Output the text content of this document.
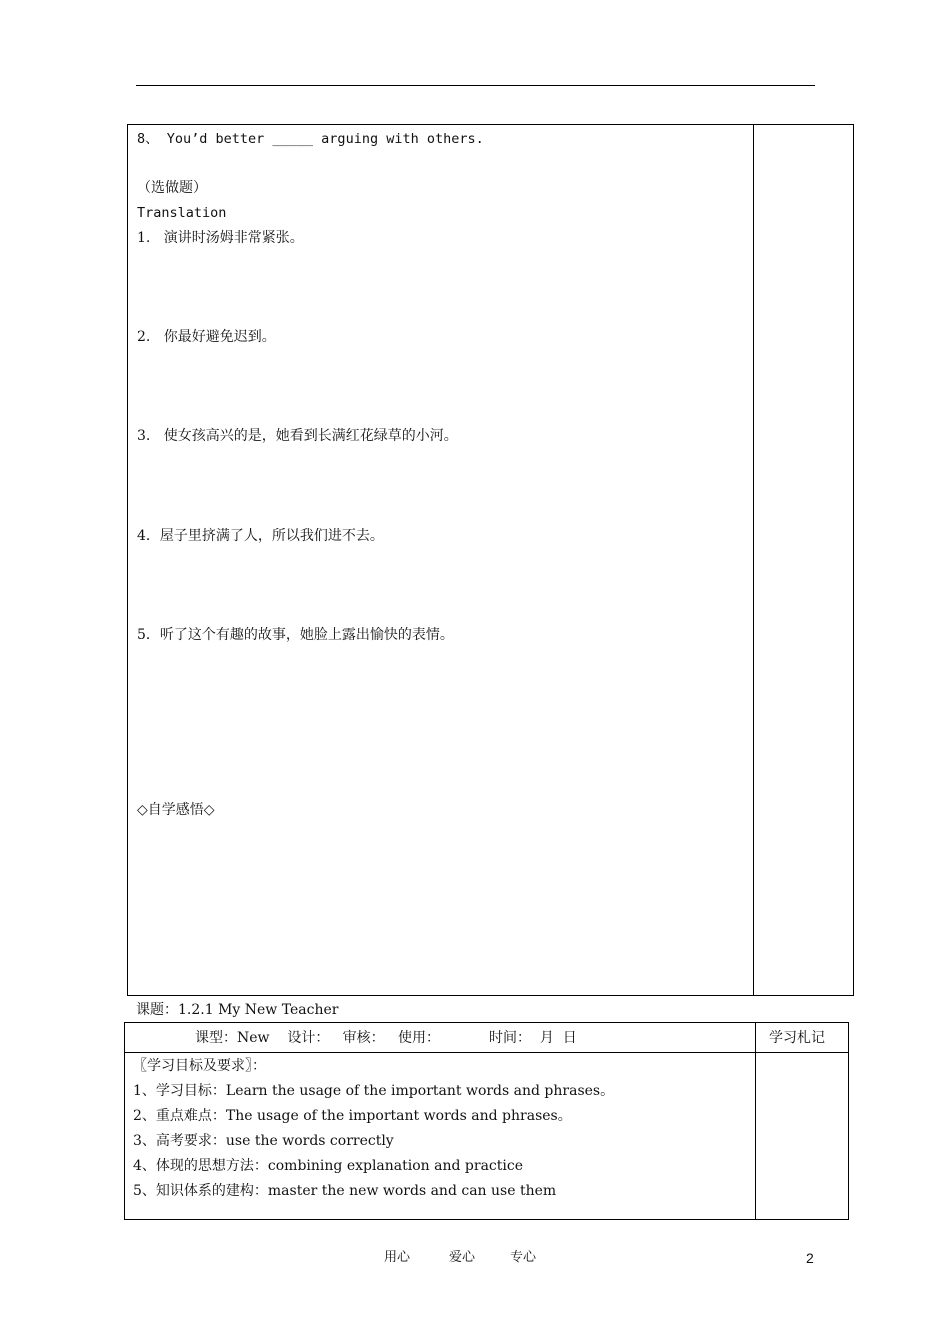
8、 You’d better _____ arguing with others.
（选做题）
Translation
1.   演讲时汤姆非常紧张。
2.   你最好避免迟到。
3.   使女孩高兴的是，她看到长满红花绿草的小河。
4．屋子里挤满了人，所以我们进不去。
5．听了这个有趣的故事，她脸上露出愉快的表情。
◇自学感悟◇
课题：1.2.1 My New Teacher
课型：New    设计：   审核：   使用：           时间：  月  日	学习札记
〖学习目标及要求〗：
1、学习目标：Learn the usage of the important words and phrases。
2、重点难点：The usage of the important words and phrases。
3、高考要求：use the words correctly
4、体现的思想方法：combining explanation and practice
5、知识体系的建构：master the new words and can use them
用心	爱心	专心	2
